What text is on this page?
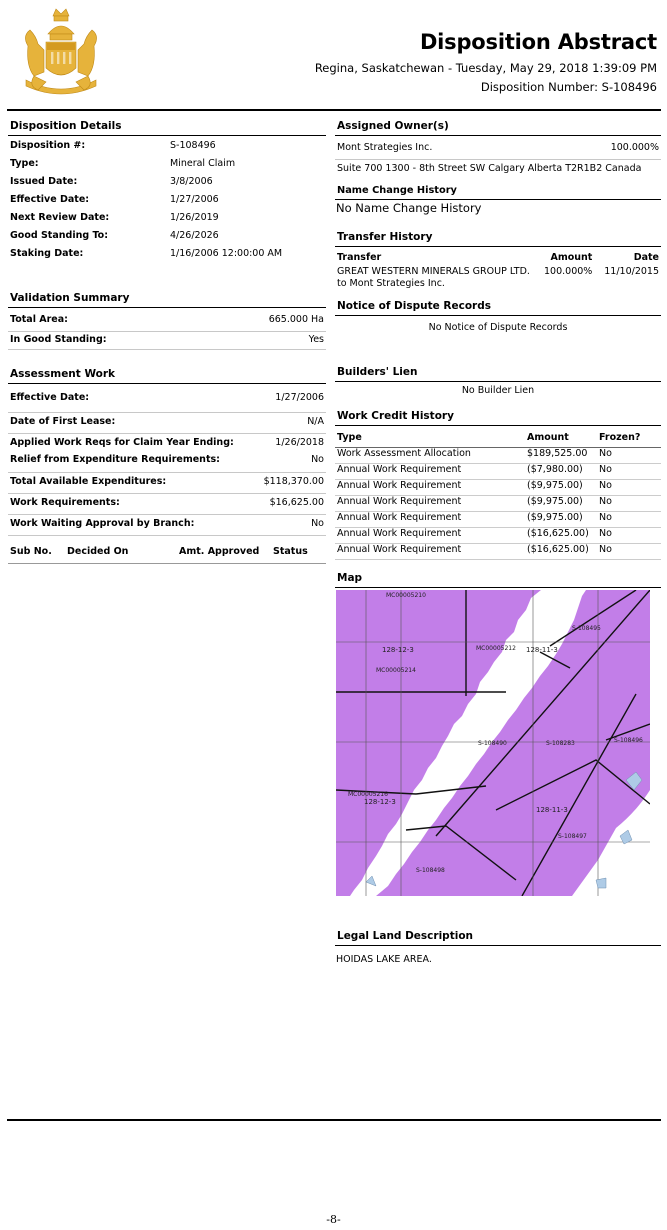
Disposition Abstract
Regina, Saskatchewan - Tuesday, May 29, 2018 1:39:09 PM
Disposition Number: S-108496
Disposition Details
Disposition #:	S-108496
Type:	Mineral Claim
Issued Date:	3/8/2006
Effective Date:	1/27/2006
Next Review Date:	1/26/2019
Good Standing To:	4/26/2026
Staking Date:	1/16/2006 12:00:00 AM
Validation Summary
Total Area:	665.000 Ha
In Good Standing:	Yes
Assessment Work
Effective Date:	1/27/2006
Date of First Lease:	N/A
Applied Work Reqs for Claim Year Ending:	1/26/2018
Relief from Expenditure Requirements:	No
Total Available Expenditures:	$118,370.00
Work Requirements:	$16,625.00
Work Waiting Approval by Branch:	No
Sub No.	Decided On	Amt. Approved	Status
Assigned Owner(s)
Mont Strategies Inc.	100.000%
Suite 700 1300 - 8th Street SW Calgary Alberta T2R1B2 Canada
Name Change History
No Name Change History
Transfer History
Transfer	Amount	Date
GREAT WESTERN MINERALS GROUP LTD. to Mont Strategies Inc.	100.000%	11/10/2015
Notice of Dispute Records
No Notice of Dispute Records
Builders' Lien
No Builder Lien
Work Credit History
Type	Amount	Frozen?
Work Assessment Allocation	$189,525.00	No
Annual Work Requirement	($7,980.00)	No
Annual Work Requirement	($9,975.00)	No
Annual Work Requirement	($9,975.00)	No
Annual Work Requirement	($9,975.00)	No
Annual Work Requirement	($16,625.00)	No
Annual Work Requirement	($16,625.00)	No
Map
MC00005210
MC00005212
MC00005214
MC00005216
S-108495
S-108490	S-108283	S-108496
S-108497
S-108498
128-12-3	128-11-3
128-12-3
128-11-3
Legal Land Description
HOIDAS LAKE AREA.
-8-
